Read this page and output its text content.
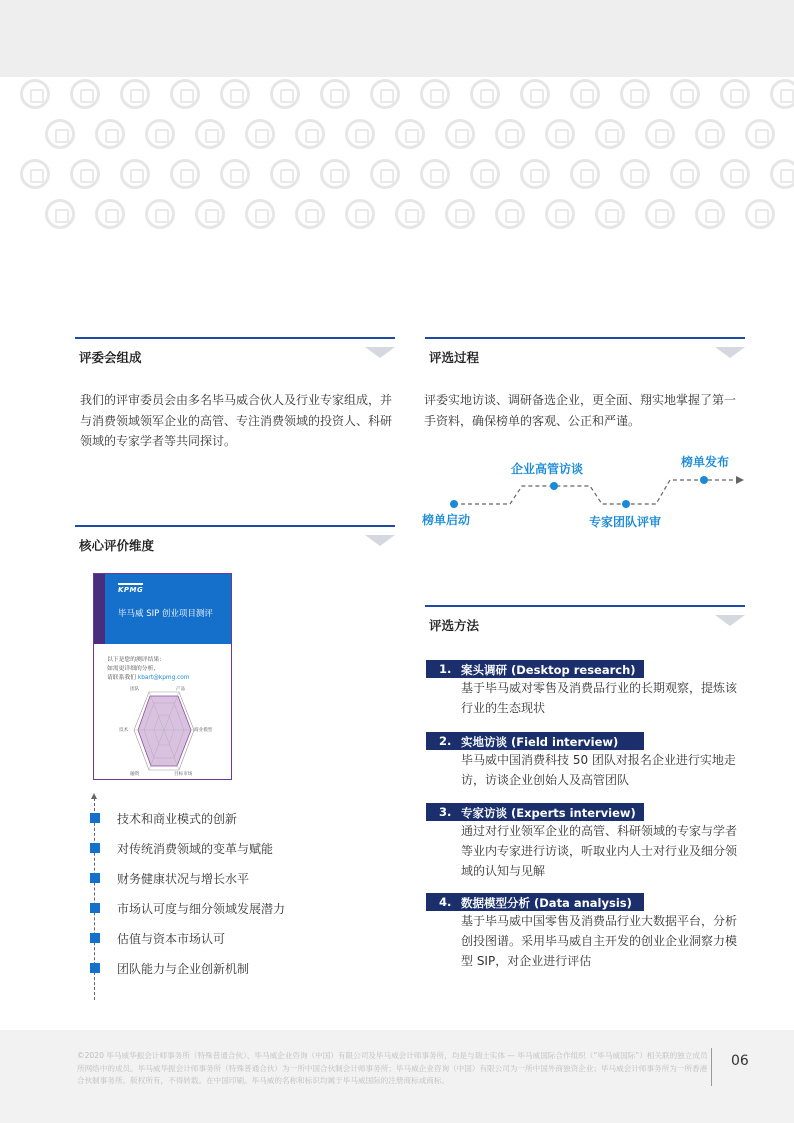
评委会组成
我们的评审委员会由多名毕马威合伙人及行业专家组成，并与消费领域领军企业的高管、专注消费领域的投资人、科研领域的专家学者等共同探讨。
评选过程
评委实地访谈、调研备选企业，更全面、翔实地掌握了第一手资料，确保榜单的客观、公正和严谨。
榜单启动
企业高管访谈
专家团队评审
榜单发布
核心评价维度
KPMG
毕马威 SIP 创业项目测评
以下是您的测评结果：
如需更详细的分析，
请联系我们 kbart@kpmg.com
团队	产品
商业模型
目标市场
融资
技术
技术和商业模式的创新
对传统消费领域的变革与赋能
财务健康状况与增长水平
市场认可度与细分领域发展潜力
估值与资本市场认可
团队能力与企业创新机制
评选方法
1. 案头调研 (Desktop research)
基于毕马威对零售及消费品行业的长期观察，提炼该行业的生态现状
2. 实地访谈 (Field interview)
毕马威中国消费科技 50 团队对报名企业进行实地走访，访谈企业创始人及高管团队
3. 专家访谈 (Experts interview)
通过对行业领军企业的高管、科研领域的专家与学者等业内专家进行访谈，听取业内人士对行业及细分领域的认知与见解
4. 数据模型分析 (Data analysis)
基于毕马威中国零售及消费品行业大数据平台，分析创投图谱。采用毕马威自主开发的创业企业洞察力模型 SIP，对企业进行评估
©2020 毕马威华振会计师事务所（特殊普通合伙）、毕马威企业咨询（中国）有限公司及毕马威会计师事务所，均是与瑞士实体 — 毕马威国际合作组织（“毕马威国际”）相关联的独立成员所网络中的成员。毕马威华振会计师事务所（特殊普通合伙）为一所中国合伙制会计师事务所；毕马威企业咨询（中国）有限公司为一所中国外商独资企业；毕马威会计师事务所为一所香港合伙制事务所。版权所有，不得转载。在中国印刷。毕马威的名称和标识均属于毕马威国际的注册商标或商标。
06
